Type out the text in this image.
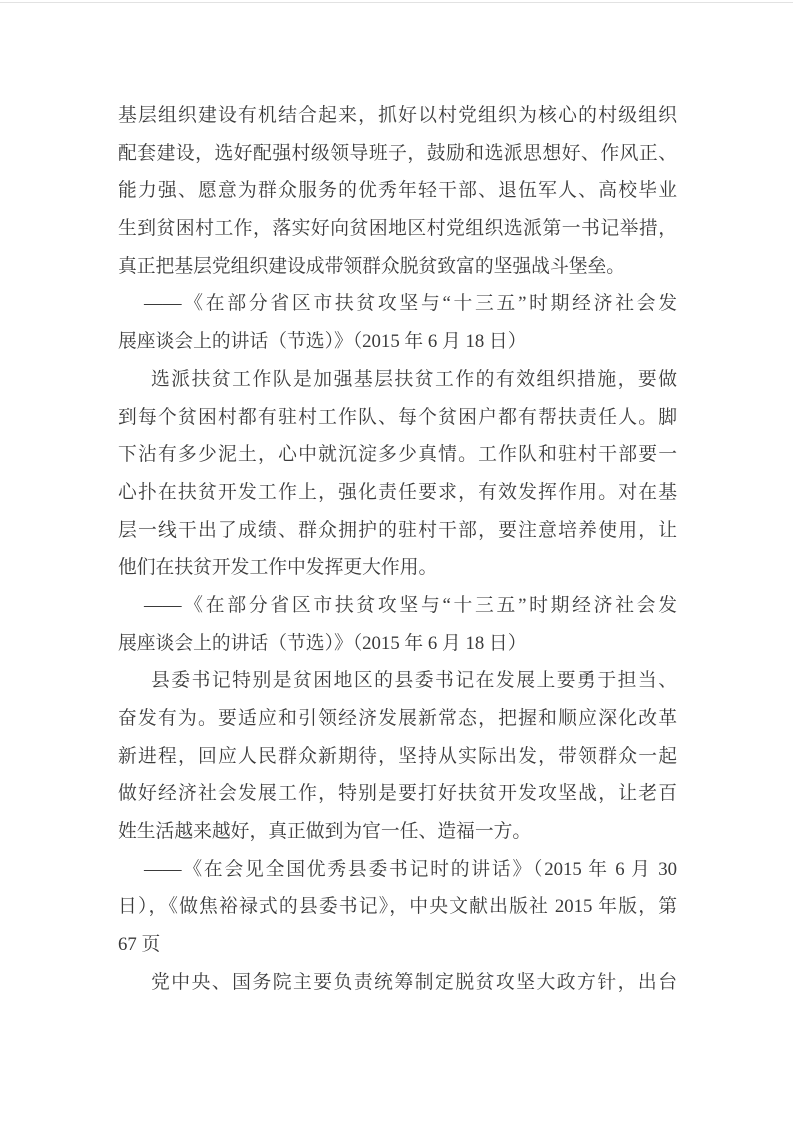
基层组织建设有机结合起来，抓好以村党组织为核心的村级组织
配套建设，选好配强村级领导班子，鼓励和选派思想好、作风正、
能力强、愿意为群众服务的优秀年轻干部、退伍军人、高校毕业
生到贫困村工作，落实好向贫困地区村党组织选派第一书记举措，
真正把基层党组织建设成带领群众脱贫致富的坚强战斗堡垒。
——《在部分省区市扶贫攻坚与“十三五”时期经济社会发
展座谈会上的讲话（节选）》（2015 年 6 月 18 日）
选派扶贫工作队是加强基层扶贫工作的有效组织措施，要做
到每个贫困村都有驻村工作队、每个贫困户都有帮扶责任人。脚
下沾有多少泥土，心中就沉淀多少真情。工作队和驻村干部要一
心扑在扶贫开发工作上，强化责任要求，有效发挥作用。对在基
层一线干出了成绩、群众拥护的驻村干部，要注意培养使用，让
他们在扶贫开发工作中发挥更大作用。
——《在部分省区市扶贫攻坚与“十三五”时期经济社会发
展座谈会上的讲话（节选）》（2015 年 6 月 18 日）
县委书记特别是贫困地区的县委书记在发展上要勇于担当、
奋发有为。要适应和引领经济发展新常态，把握和顺应深化改革
新进程，回应人民群众新期待，坚持从实际出发，带领群众一起
做好经济社会发展工作，特别是要打好扶贫开发攻坚战，让老百
姓生活越来越好，真正做到为官一任、造福一方。
——《在会见全国优秀县委书记时的讲话》（2015 年 6 月 30
日），《做焦裕禄式的县委书记》，中央文献出版社 2015 年版，第
67 页
党中央、国务院主要负责统筹制定脱贫攻坚大政方针，出台
